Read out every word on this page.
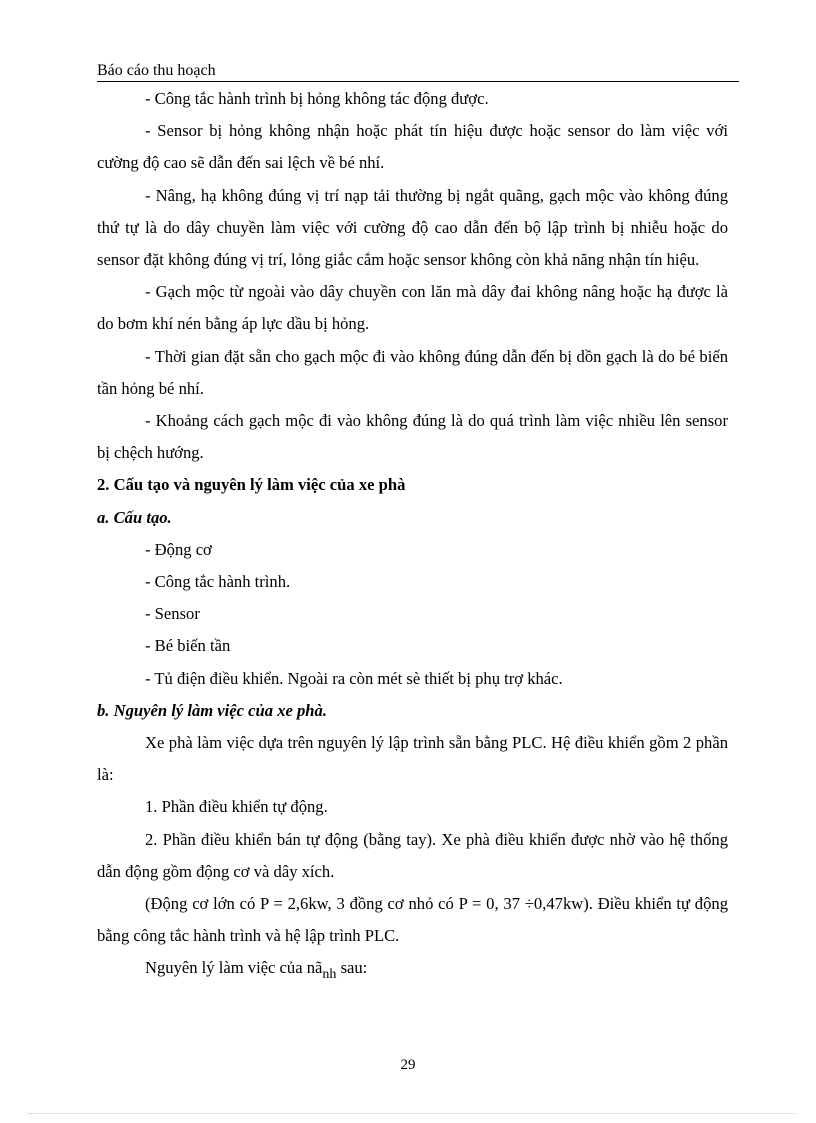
Báo cáo thu hoạch

- Công tắc hành trình bị hỏng không tác động được.

- Sensor bị hỏng không nhận hoặc phát tín hiệu được hoặc sensor do làm việc với cường độ cao sẽ dẫn đến sai lệch về bé nhí.

- Nâng, hạ không đúng vị trí nạp tải thường bị ngắt quãng, gạch mộc vào không đúng thứ tự là do dây chuyền làm việc với cường độ cao dẫn đến bộ lập trình bị nhiễu hoặc do sensor đặt không đúng vị trí, lỏng giắc cắm hoặc sensor không còn khả năng nhận tín hiệu.

- Gạch mộc từ ngoài vào dây chuyền con lăn mà dây đai không nâng hoặc hạ được là do bơm khí nén bằng áp lực dầu bị hỏng.

- Thời gian đặt sẵn cho gạch mộc đi vào không đúng dẫn đến bị dồn gạch là do bé biến tần hỏng bé nhí.

- Khoảng cách gạch mộc đi vào không đúng là do quá trình làm việc nhiều lên sensor bị chệch hướng.

2. Cấu tạo và nguyên lý làm việc của xe phà

a. Cấu tạo.

- Động cơ

- Công tắc hành trình.

- Sensor

- Bé biến tần

- Tủ điện điều khiển. Ngoài ra còn mét sè thiết bị phụ trợ khác.

b. Nguyên lý làm việc của xe phà.

Xe phà làm việc dựa trên nguyên lý lập trình sẵn bằng PLC. Hệ điều khiển gồm 2 phần là:

1. Phần điều khiển tự động.

2. Phần điều khiển bán tự động (bằng tay). Xe phà điều khiển được nhờ vào hệ thống dẫn động gồm động cơ và dây xích.

(Động cơ lớn có P = 2,6kw, 3 đồng cơ nhỏ có P = 0, 37 ÷0,47kw). Điều khiển tự động bằng công tắc hành trình và hệ lập trình PLC.

Nguyên lý làm việc của $nã_{nh}$ sau:

29
